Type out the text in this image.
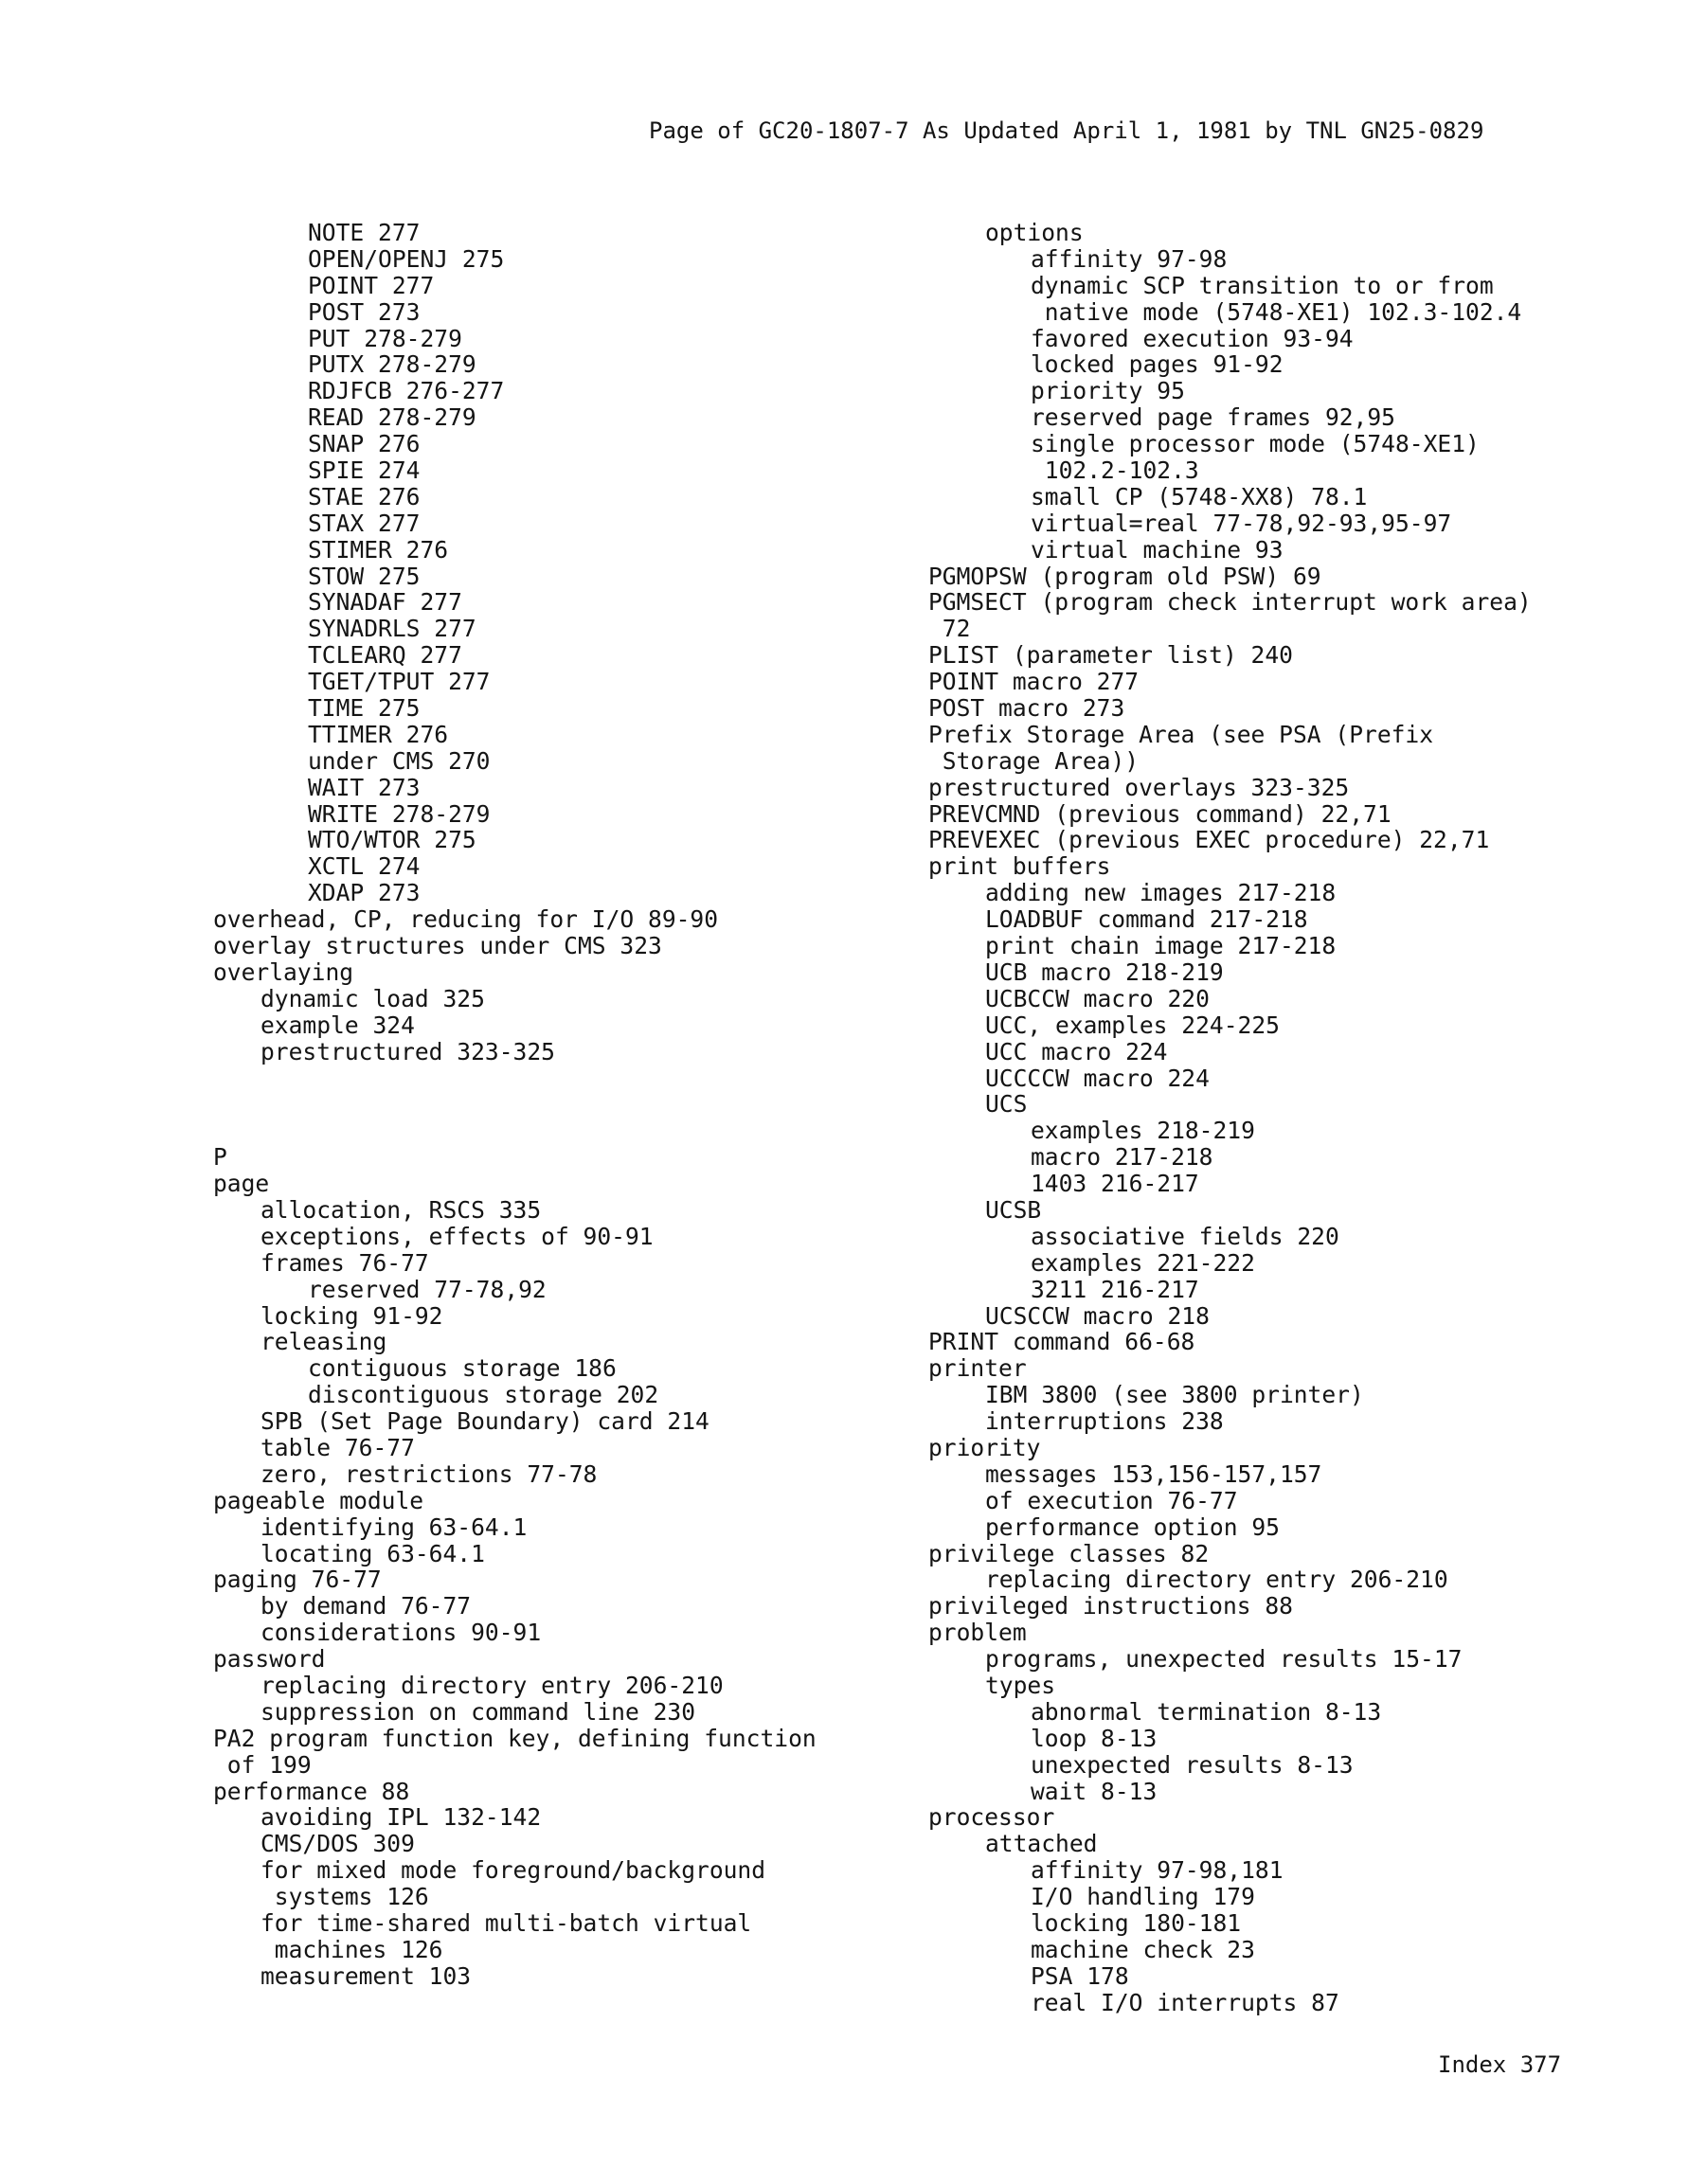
Page of GC20-1807-7 As Updated April 1, 1981 by TNL GN25-0829
NOTE 277
OPEN/OPENJ 275
POINT 277
POST 273
PUT 278-279
PUTX 278-279
RDJFCB 276-277
READ 278-279
SNAP 276
SPIE 274
STAE 276
STAX 277
STIMER 276
STOW 275
SYNADAF 277
SYNADRLS 277
TCLEARQ 277
TGET/TPUT 277
TIME 275
TTIMER 276
under CMS 270
WAIT 273
WRITE 278-279
WTO/WTOR 275
XCTL 274
XDAP 273
overhead, CP, reducing for I/O 89-90
overlay structures under CMS 323
overlaying
dynamic load 325
example 324
prestructured 323-325
P
page
allocation, RSCS 335
exceptions, effects of 90-91
frames 76-77
reserved 77-78,92
locking 91-92
releasing
contiguous storage 186
discontiguous storage 202
SPB (Set Page Boundary) card 214
table 76-77
zero, restrictions 77-78
pageable module
identifying 63-64.1
locating 63-64.1
paging 76-77
by demand 76-77
considerations 90-91
password
replacing directory entry 206-210
suppression on command line 230
PA2 program function key, defining function
of 199
performance 88
avoiding IPL 132-142
CMS/DOS 309
for mixed mode foreground/background
systems 126
for time-shared multi-batch virtual
machines 126
measurement 103
options
affinity 97-98
dynamic SCP transition to or from
native mode (5748-XE1) 102.3-102.4
favored execution 93-94
locked pages 91-92
priority 95
reserved page frames 92,95
single processor mode (5748-XE1)
102.2-102.3
small CP (5748-XX8) 78.1
virtual=real 77-78,92-93,95-97
virtual machine 93
PGMOPSW (program old PSW) 69
PGMSECT (program check interrupt work area)
72
PLIST (parameter list) 240
POINT macro 277
POST macro 273
Prefix Storage Area (see PSA (Prefix
Storage Area))
prestructured overlays 323-325
PREVCMND (previous command) 22,71
PREVEXEC (previous EXEC procedure) 22,71
print buffers
adding new images 217-218
LOADBUF command 217-218
print chain image 217-218
UCB macro 218-219
UCBCCW macro 220
UCC, examples 224-225
UCC macro 224
UCCCCW macro 224
UCS
examples 218-219
macro 217-218
1403 216-217
UCSB
associative fields 220
examples 221-222
3211 216-217
UCSCCW macro 218
PRINT command 66-68
printer
IBM 3800 (see 3800 printer)
interruptions 238
priority
messages 153,156-157,157
of execution 76-77
performance option 95
privilege classes 82
replacing directory entry 206-210
privileged instructions 88
problem
programs, unexpected results 15-17
types
abnormal termination 8-13
loop 8-13
unexpected results 8-13
wait 8-13
processor
attached
affinity 97-98,181
I/O handling 179
locking 180-181
machine check 23
PSA 178
real I/O interrupts 87
Index 377
